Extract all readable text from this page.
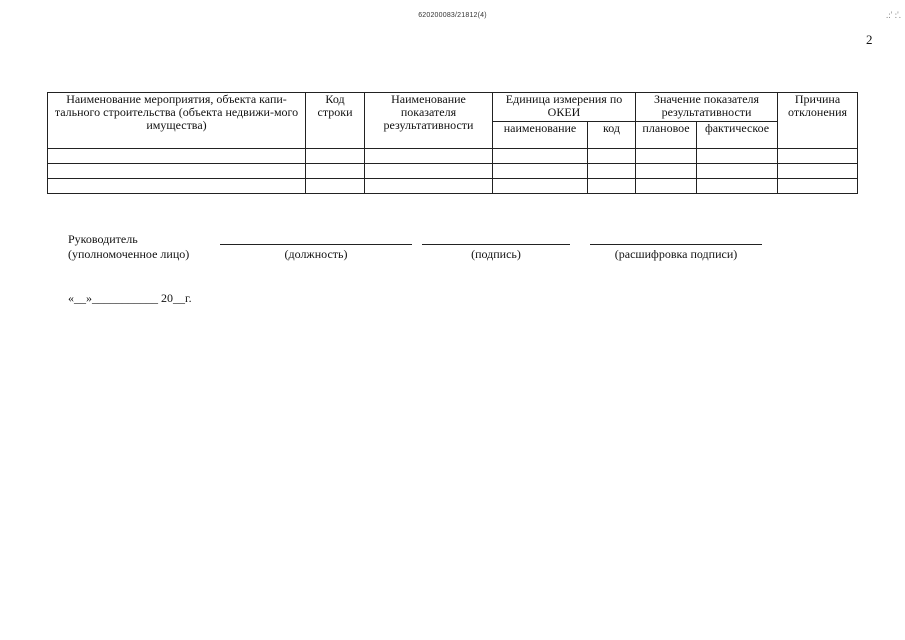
620200083/21812(4)	.:' :'.
2
Наименование мероприятия, объекта капи-тального строительства (объекта недвижи-мого имущества)	Код строки	Наименование показателя результативности	Единица измерения по ОКЕИ		Значение показателя результативности		Причина отклонения
			наименование	код	плановое	фактическое	

Руководитель
(уполномоченное лицо)	(должность)	(подпись)	(расшифровка подписи)
«__»___________ 20__г.
